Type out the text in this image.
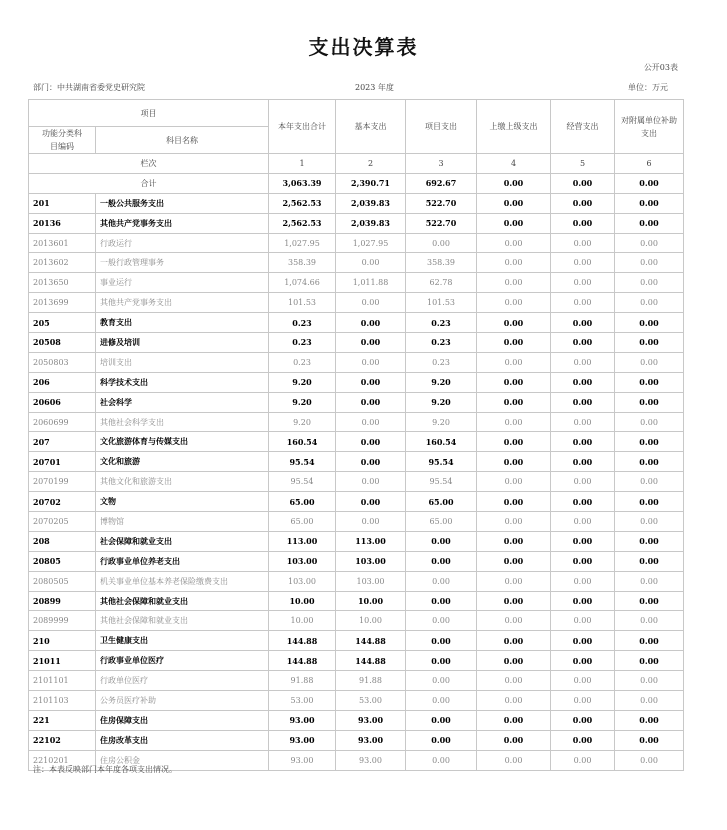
支出决算表
公开03表
部门：中共湖南省委党史研究院	2023 年度	单位：万元
项目		本年支出合计	基本支出	项目支出	上缴上级支出	经营支出	对附属单位补助支出
功能分类科目编码	科目名称						
栏次		1	2	3	4	5	6
合计		3,063.39	2,390.71	692.67	0.00	0.00	0.00
201	一般公共服务支出	2,562.53	2,039.83	522.70	0.00	0.00	0.00
20136	其他共产党事务支出	2,562.53	2,039.83	522.70	0.00	0.00	0.00
2013601	行政运行	1,027.95	1,027.95	0.00	0.00	0.00	0.00
2013602	一般行政管理事务	358.39	0.00	358.39	0.00	0.00	0.00
2013650	事业运行	1,074.66	1,011.88	62.78	0.00	0.00	0.00
2013699	其他共产党事务支出	101.53	0.00	101.53	0.00	0.00	0.00
205	教育支出	0.23	0.00	0.23	0.00	0.00	0.00
20508	进修及培训	0.23	0.00	0.23	0.00	0.00	0.00
2050803	培训支出	0.23	0.00	0.23	0.00	0.00	0.00
206	科学技术支出	9.20	0.00	9.20	0.00	0.00	0.00
20606	社会科学	9.20	0.00	9.20	0.00	0.00	0.00
2060699	其他社会科学支出	9.20	0.00	9.20	0.00	0.00	0.00
207	文化旅游体育与传媒支出	160.54	0.00	160.54	0.00	0.00	0.00
20701	文化和旅游	95.54	0.00	95.54	0.00	0.00	0.00
2070199	其他文化和旅游支出	95.54	0.00	95.54	0.00	0.00	0.00
20702	文物	65.00	0.00	65.00	0.00	0.00	0.00
2070205	博物馆	65.00	0.00	65.00	0.00	0.00	0.00
208	社会保障和就业支出	113.00	113.00	0.00	0.00	0.00	0.00
20805	行政事业单位养老支出	103.00	103.00	0.00	0.00	0.00	0.00
2080505	机关事业单位基本养老保险缴费支出	103.00	103.00	0.00	0.00	0.00	0.00
20899	其他社会保障和就业支出	10.00	10.00	0.00	0.00	0.00	0.00
2089999	其他社会保障和就业支出	10.00	10.00	0.00	0.00	0.00	0.00
210	卫生健康支出	144.88	144.88	0.00	0.00	0.00	0.00
21011	行政事业单位医疗	144.88	144.88	0.00	0.00	0.00	0.00
2101101	行政单位医疗	91.88	91.88	0.00	0.00	0.00	0.00
2101103	公务员医疗补助	53.00	53.00	0.00	0.00	0.00	0.00
221	住房保障支出	93.00	93.00	0.00	0.00	0.00	0.00
22102	住房改革支出	93.00	93.00	0.00	0.00	0.00	0.00
2210201	住房公积金	93.00	93.00	0.00	0.00	0.00	0.00
注：本表反映部门本年度各项支出情况。
